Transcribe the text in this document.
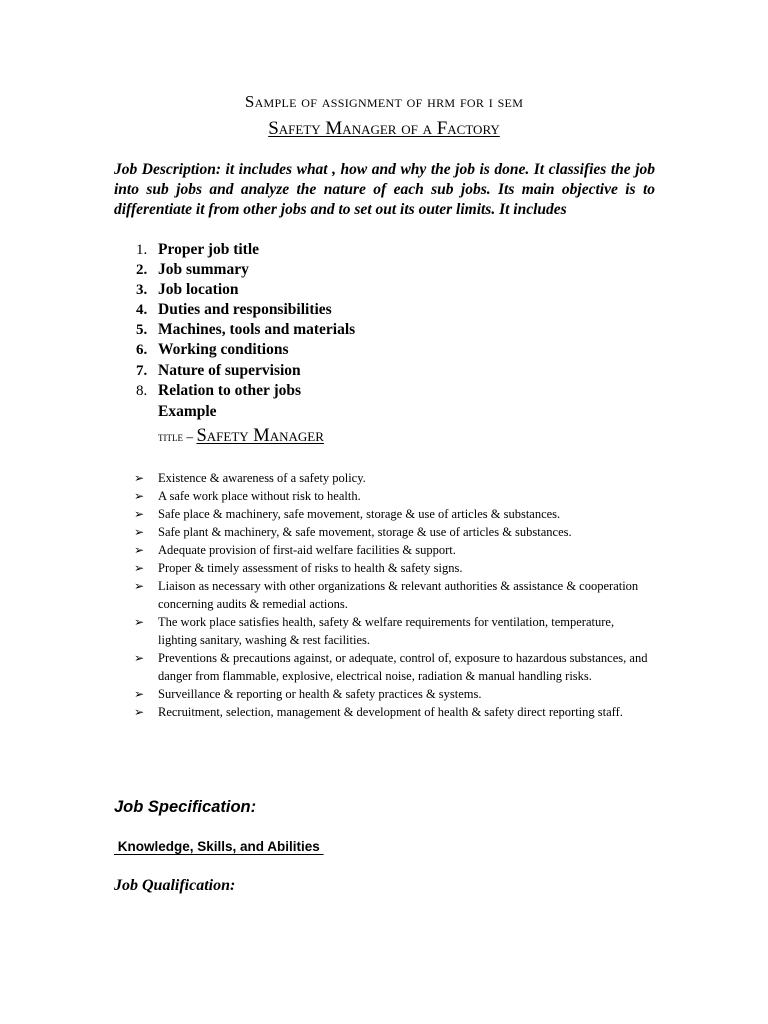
Sample of assignment of hrm for i sem
Safety Manager of a Factory

Job Description: it includes what , how and why the job is done. It classifies the job into sub jobs and analyze the nature of each sub jobs. Its main objective is to differentiate it from other jobs and to set out its outer limits. It includes

1. Proper job title
2. Job summary
3. Job location
4. Duties and responsibilities
5. Machines, tools and materials
6. Working conditions
7. Nature of supervision
8. Relation to other jobs
Example
title – Safety Manager
➢ Existence & awareness of a safety policy.
➢ A safe work place without risk to health.
➢ Safe place & machinery, safe movement, storage & use of articles & substances.
➢ Safe plant & machinery, & safe movement, storage & use of articles & substances.
➢ Adequate provision of first-aid welfare facilities & support.
➢ Proper & timely assessment of risks to health & safety signs.
➢ Liaison as necessary with other organizations & relevant authorities & assistance & cooperation concerning audits & remedial actions.
➢ The work place satisfies health, safety & welfare requirements for ventilation, temperature, lighting sanitary, washing & rest facilities.
➢ Preventions & precautions against, or adequate, control of, exposure to hazardous substances, and danger from flammable, explosive, electrical noise, radiation & manual handling risks.
➢ Surveillance & reporting or health & safety practices & systems.
➢ Recruitment, selection, management & development of health & safety direct reporting staff.
Job Specification:
Knowledge, Skills, and Abilities
Job Qualification:
